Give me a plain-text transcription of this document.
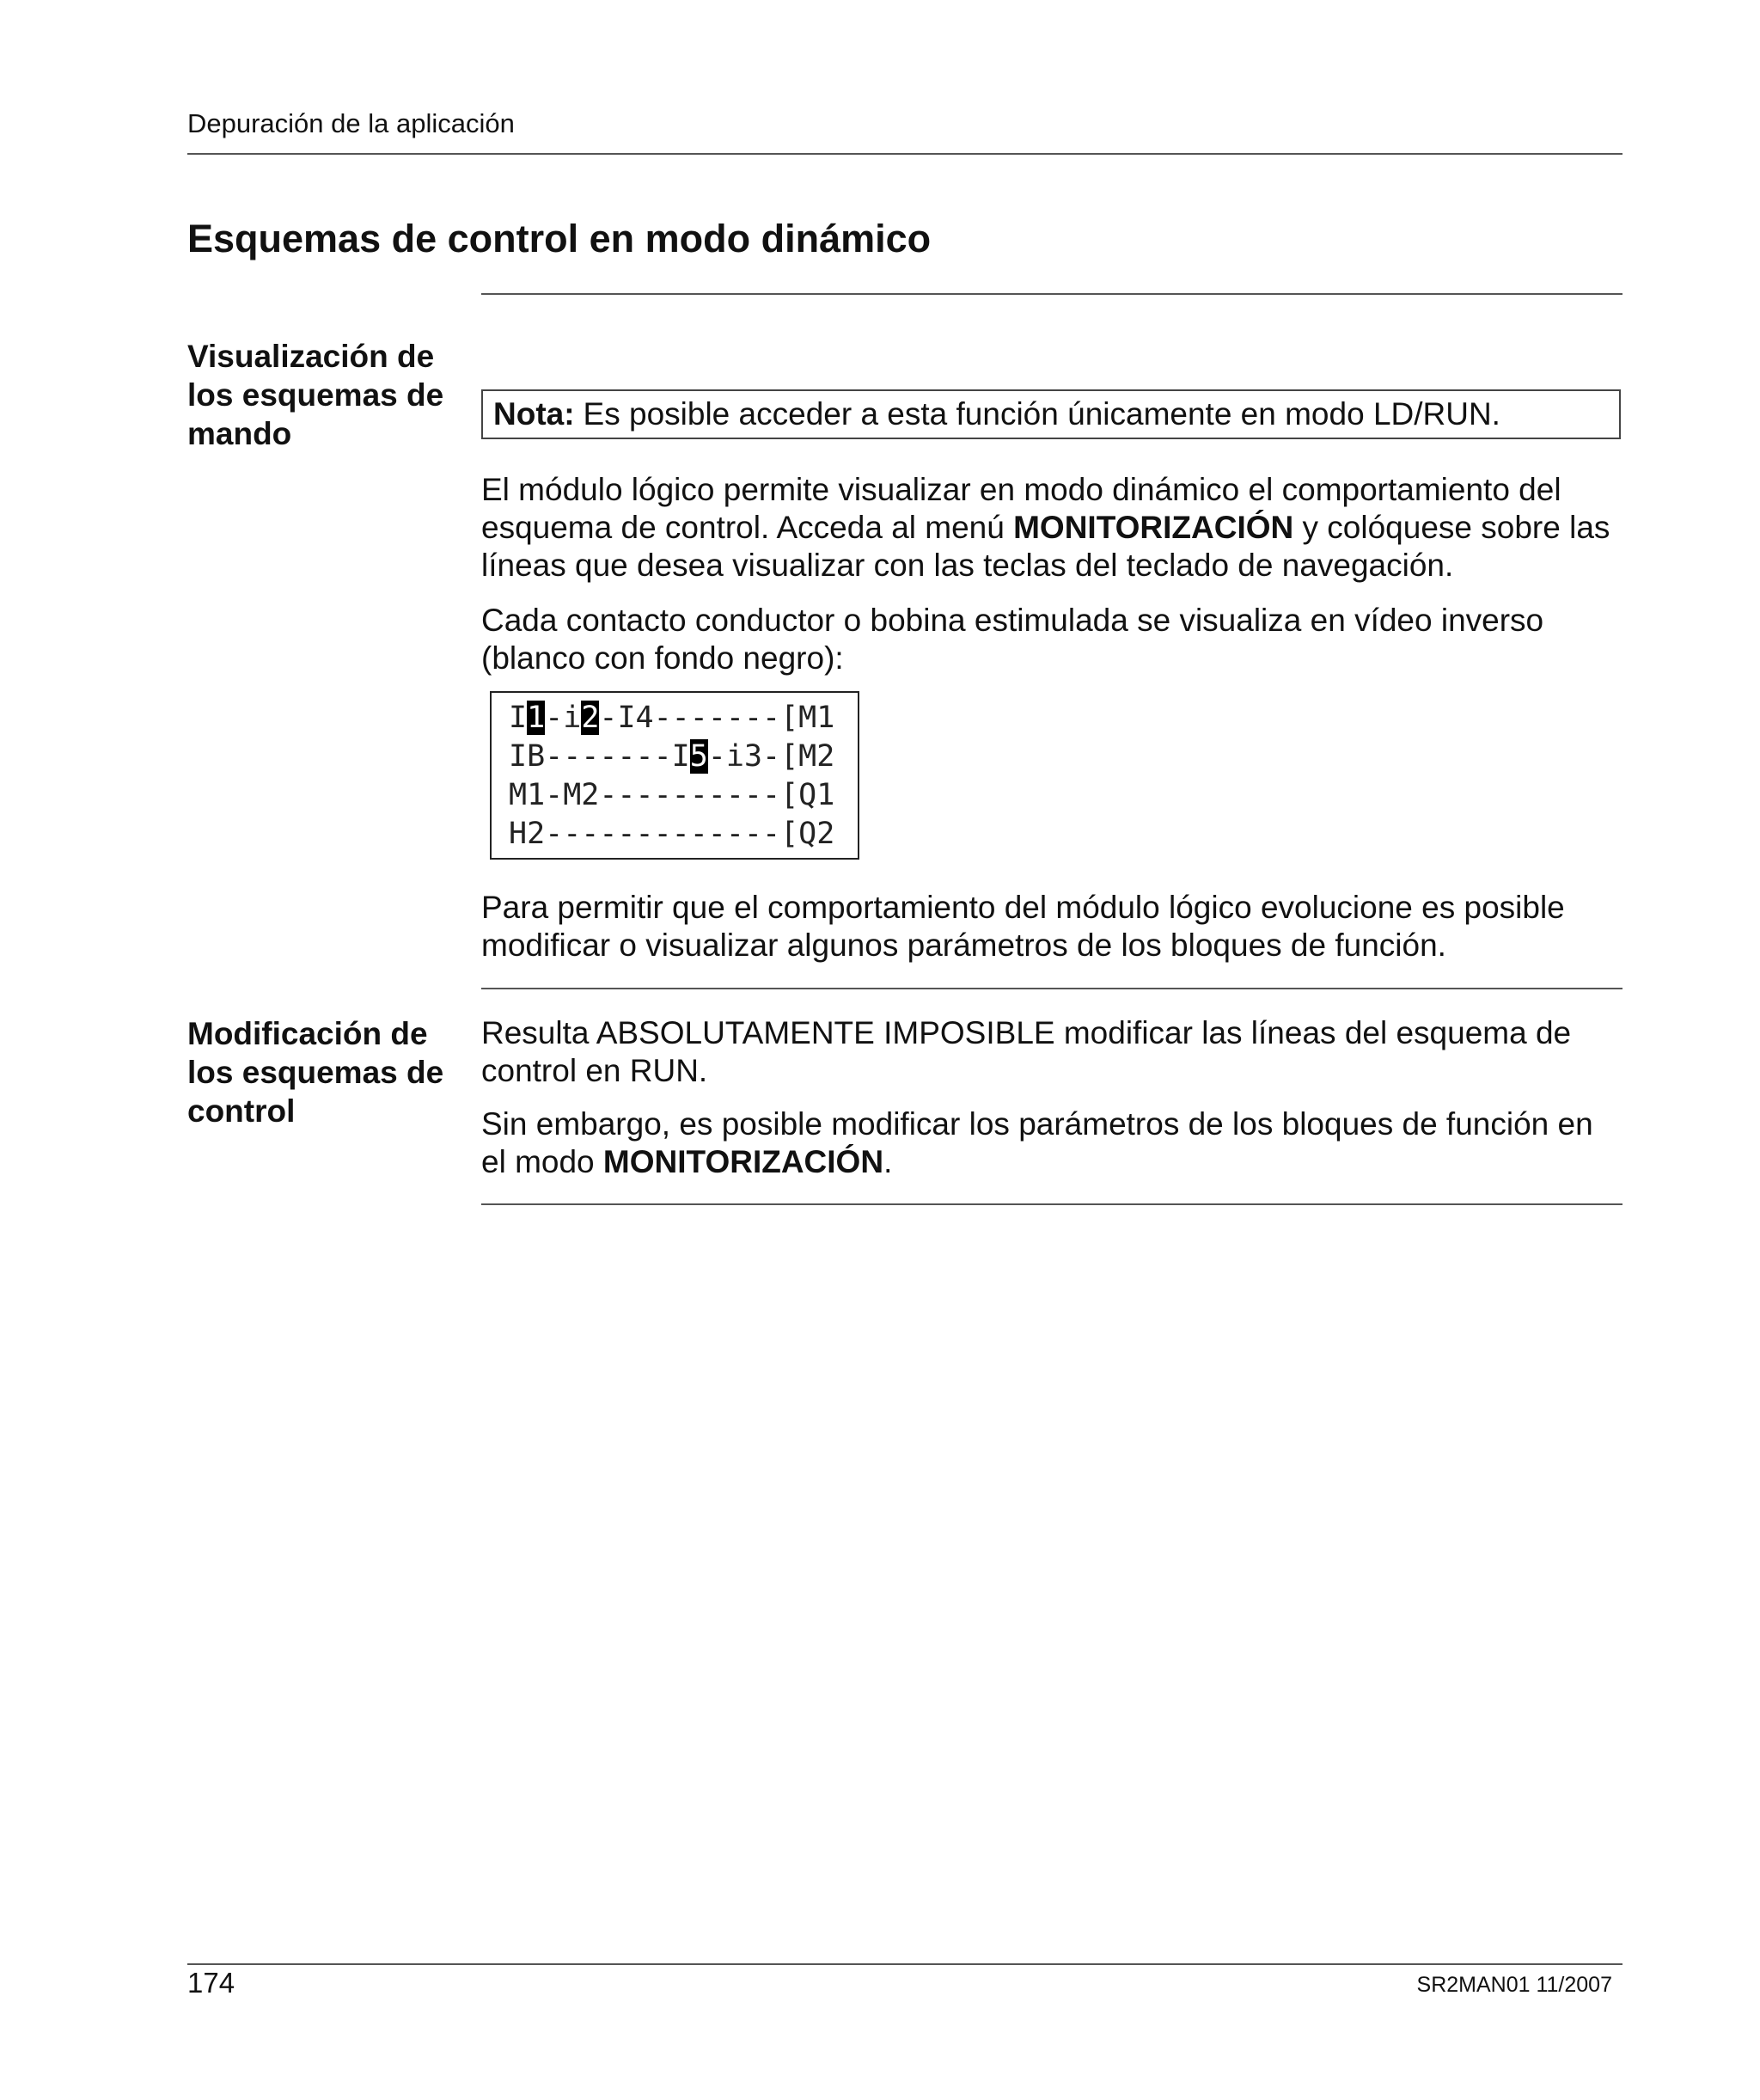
Depuración de la aplicación
Esquemas de control en modo dinámico
Visualización de los esquemas de mando
Nota: Es posible acceder a esta función únicamente en modo LD/RUN.
El módulo lógico permite visualizar en modo dinámico el comportamiento del esquema de control. Acceda al menú MONITORIZACIÓN y colóquese sobre las líneas que desea visualizar con las teclas del teclado de navegación.
Cada contacto conductor o bobina estimulada se visualiza en vídeo inverso (blanco con fondo negro):
I1-i2-I4-------[M1
IB-------I5-i3-[M2
M1-M2----------[Q1
H2-------------[Q2
Para permitir que el comportamiento del módulo lógico evolucione es posible modificar o visualizar algunos parámetros de los bloques de función.
Modificación de los esquemas de control
Resulta ABSOLUTAMENTE IMPOSIBLE modificar las líneas del esquema de control en RUN.
Sin embargo, es posible modificar los parámetros de los bloques de función en el modo MONITORIZACIÓN.
174	SR2MAN01 11/2007
